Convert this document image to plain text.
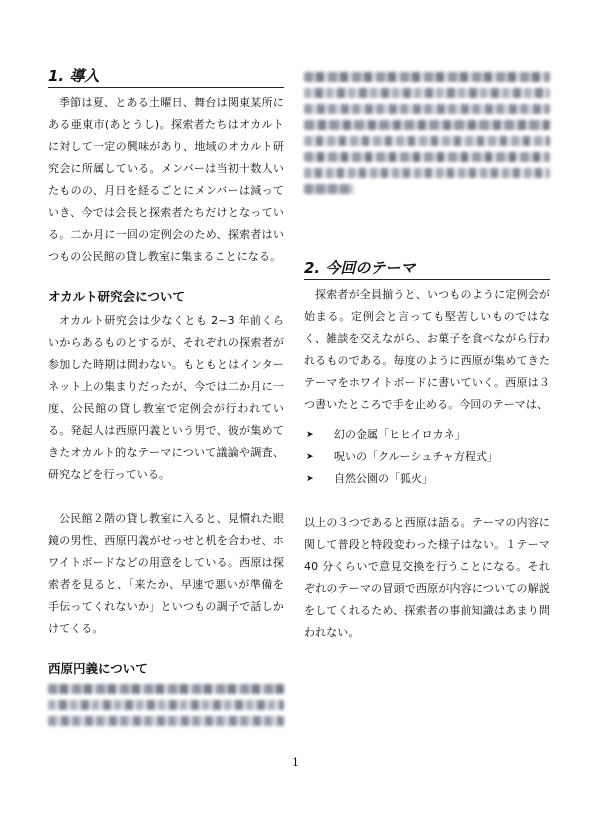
1. 導入

季節は夏、とある土曜日、舞台は関東某所にある亜東市(あとうし)。探索者たちはオカルトに対して一定の興味があり、地域のオカルト研究会に所属している。メンバーは当初十数人いたものの、月日を経るごとにメンバーは減っていき、今では会長と探索者たちだけとなっている。二か月に一回の定例会のため、探索者はいつもの公民館の貸し教室に集まることになる。

オカルト研究会について

オカルト研究会は少なくとも 2~3 年前くらいからあるものとするが、それぞれの探索者が参加した時期は問わない。もともとはインターネット上の集まりだったが、今では二か月に一度、公民館の貸し教室で定例会が行われている。発起人は西原円義という男で、彼が集めてきたオカルト的なテーマについて議論や調査、研究などを行っている。

公民館２階の貸し教室に入ると、見慣れた眼鏡の男性、西原円義がせっせと机を合わせ、ホワイトボードなどの用意をしている。西原は探索者を見ると、「来たか、早速で悪いが準備を手伝ってくれないか」といつもの調子で話しかけてくる。

西原円義について
2. 今回のテーマ

探索者が全員揃うと、いつものように定例会が始まる。定例会と言っても堅苦しいものではなく、雑談を交えながら、お菓子を食べながら行われるものである。毎度のように西原が集めてきたテーマをホワイトボードに書いていく。西原は３つ書いたところで手を止める。今回のテーマは、

➤	幻の金属「ヒヒイロカネ」
➤	呪いの「クルーシュチャ方程式」
➤	自然公園の「狐火」

以上の３つであると西原は語る。テーマの内容に関して普段と特段変わった様子はない。１テーマ 40 分くらいで意見交換を行うことになる。それぞれのテーマの冒頭で西原が内容についての解説をしてくれるため、探索者の事前知識はあまり問われない。

1
